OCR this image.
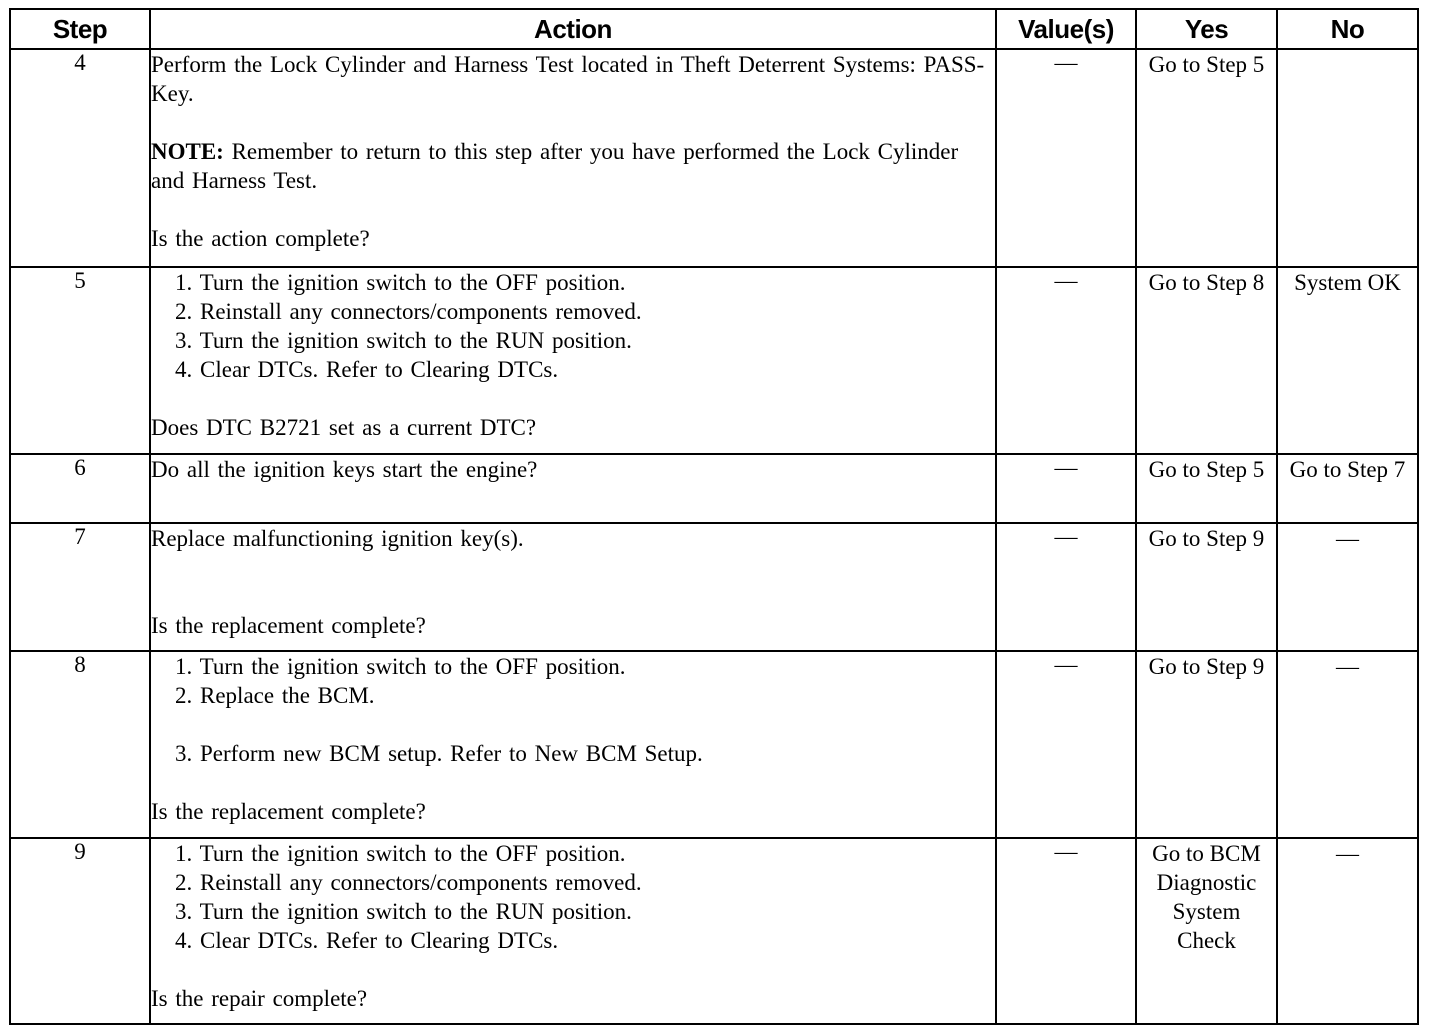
Step	Action	Value(s)	Yes	No
4	Perform the Lock Cylinder and Harness Test located in Theft Deterrent Systems: PASS-Key.

NOTE: Remember to return to this step after you have performed the Lock Cylinder and Harness Test.

Is the action complete?	—	Go to Step 5	
5	1. Turn the ignition switch to the OFF position.
2. Reinstall any connectors/components removed.
3. Turn the ignition switch to the RUN position.
4. Clear DTCs. Refer to Clearing DTCs.

Does DTC B2721 set as a current DTC?	—	Go to Step 8	System OK
6	Do all the ignition keys start the engine?	—	Go to Step 5	Go to Step 7
7	Replace malfunctioning ignition key(s).

Is the replacement complete?	—	Go to Step 9	—
8	1. Turn the ignition switch to the OFF position.
2. Replace the BCM.
3. Perform new BCM setup. Refer to New BCM Setup.

Is the replacement complete?	—	Go to Step 9	—
9	1. Turn the ignition switch to the OFF position.
2. Reinstall any connectors/components removed.
3. Turn the ignition switch to the RUN position.
4. Clear DTCs. Refer to Clearing DTCs.

Is the repair complete?	—	Go to BCM Diagnostic System Check	—
